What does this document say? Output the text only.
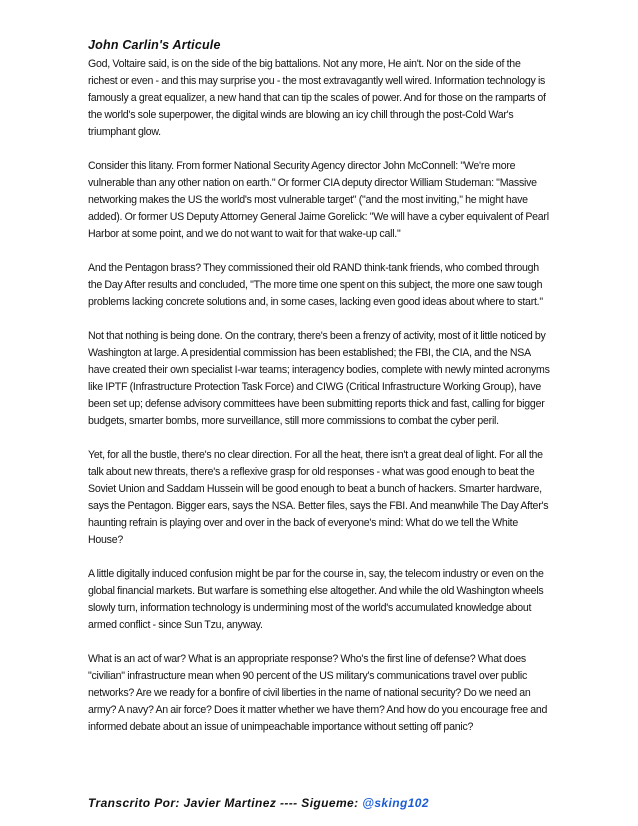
John Carlin's Articule

God, Voltaire said, is on the side of the big battalions. Not any more, He ain't. Nor on the side of the richest or even - and this may surprise you - the most extravagantly well wired. Information technology is famously a great equalizer, a new hand that can tip the scales of power. And for those on the ramparts of the world's sole superpower, the digital winds are blowing an icy chill through the post-Cold War's triumphant glow.

Consider this litany. From former National Security Agency director John McConnell: "We're more vulnerable than any other nation on earth." Or former CIA deputy director William Studeman: "Massive networking makes the US the world's most vulnerable target" ("and the most inviting," he might have added). Or former US Deputy Attorney General Jaime Gorelick: "We will have a cyber equivalent of Pearl Harbor at some point, and we do not want to wait for that wake-up call."

And the Pentagon brass? They commissioned their old RAND think-tank friends, who combed through the Day After results and concluded, "The more time one spent on this subject, the more one saw tough problems lacking concrete solutions and, in some cases, lacking even good ideas about where to start."

Not that nothing is being done. On the contrary, there's been a frenzy of activity, most of it little noticed by Washington at large. A presidential commission has been established; the FBI, the CIA, and the NSA have created their own specialist I-war teams; interagency bodies, complete with newly minted acronyms like IPTF (Infrastructure Protection Task Force) and CIWG (Critical Infrastructure Working Group), have been set up; defense advisory committees have been submitting reports thick and fast, calling for bigger budgets, smarter bombs, more surveillance, still more commissions to combat the cyber peril.

Yet, for all the bustle, there's no clear direction. For all the heat, there isn't a great deal of light. For all the talk about new threats, there's a reflexive grasp for old responses - what was good enough to beat the Soviet Union and Saddam Hussein will be good enough to beat a bunch of hackers. Smarter hardware, says the Pentagon. Bigger ears, says the NSA. Better files, says the FBI. And meanwhile The Day After's haunting refrain is playing over and over in the back of everyone's mind: What do we tell the White House?

A little digitally induced confusion might be par for the course in, say, the telecom industry or even on the global financial markets. But warfare is something else altogether. And while the old Washington wheels slowly turn, information technology is undermining most of the world's accumulated knowledge about armed conflict - since Sun Tzu, anyway.

What is an act of war? What is an appropriate response? Who's the first line of defense? What does "civilian" infrastructure mean when 90 percent of the US military's communications travel over public networks? Are we ready for a bonfire of civil liberties in the name of national security? Do we need an army? A navy? An air force? Does it matter whether we have them? And how do you encourage free and informed debate about an issue of unimpeachable importance without setting off panic?

Transcrito Por: Javier Martinez ---- Sigueme: @sking102
